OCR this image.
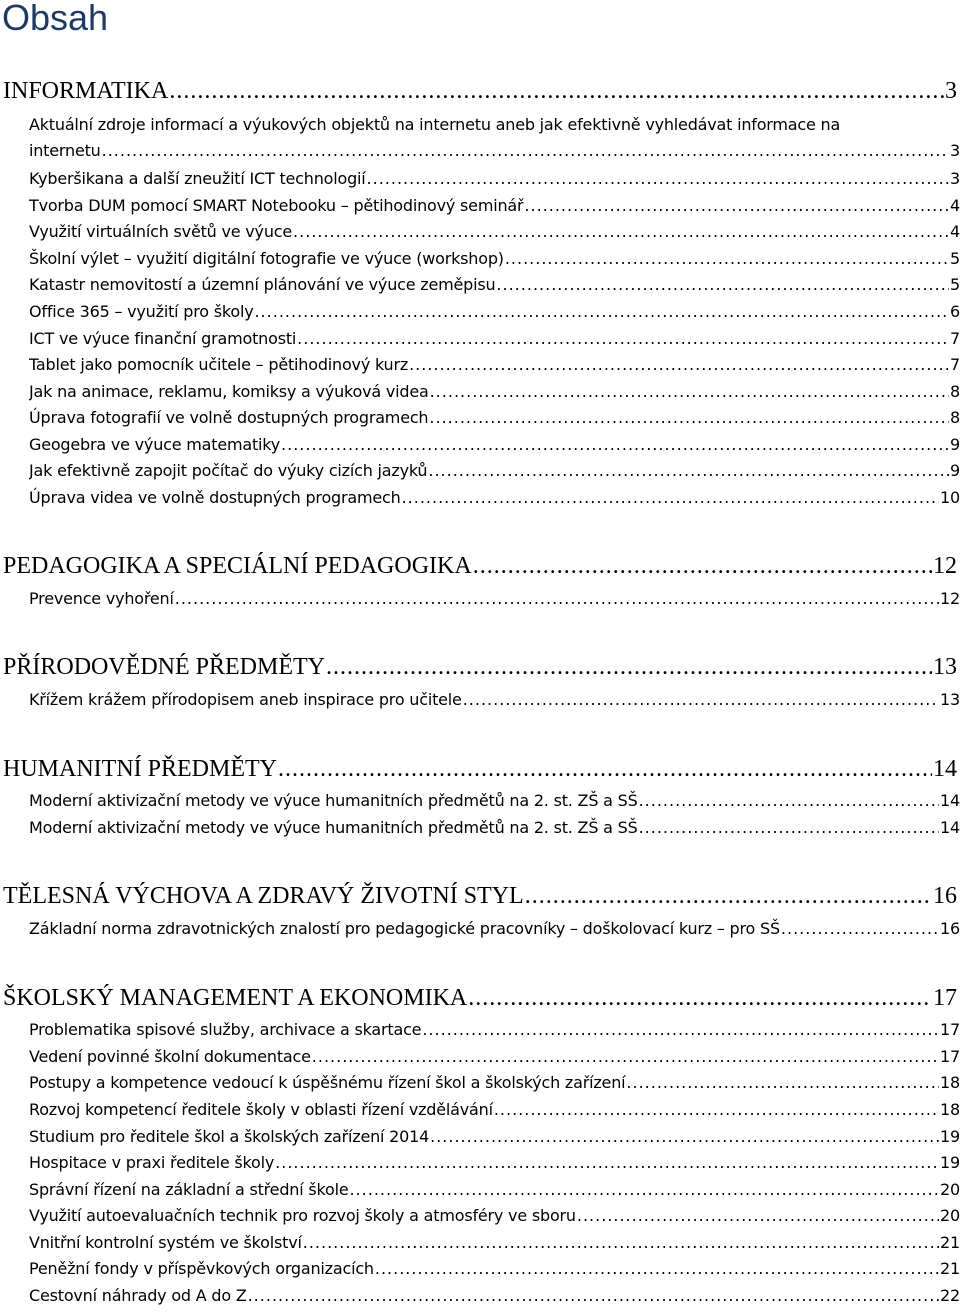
Obsah
INFORMATIKA .....	3
Aktuální zdroje informací a výukových objektů na internetu aneb jak efektivně vyhledávat informace na
internetu .....	3
Kyberšikana a další zneužití ICT technologií .....	3
Tvorba DUM pomocí SMART Notebooku – pětihodinový seminář .....	4
Využití virtuálních světů ve výuce .....	4
Školní výlet – využití digitální fotografie ve výuce (workshop) .....	5
Katastr nemovitostí a územní plánování ve výuce zeměpisu .....	5
Office 365 – využití pro školy .....	6
ICT ve výuce finanční gramotnosti .....	7
Tablet jako pomocník učitele – pětihodinový kurz .....	7
Jak na animace, reklamu, komiksy a výuková videa .....	8
Úprava fotografií ve volně dostupných programech .....	8
Geogebra ve výuce matematiky .....	9
Jak efektivně zapojit počítač do výuky cizích jazyků .....	9
Úprava videa ve volně dostupných programech .....	10
PEDAGOGIKA A SPECIÁLNÍ PEDAGOGIKA .....	12
Prevence vyhoření .....	12
PŘÍRODOVĚDNÉ PŘEDMĚTY .....	13
Křížem krážem přírodopisem aneb inspirace pro učitele .....	13
HUMANITNÍ PŘEDMĚTY .....	14
Moderní aktivizační metody ve výuce humanitních předmětů na 2. st. ZŠ a SŠ .....	14
Moderní aktivizační metody ve výuce humanitních předmětů na 2. st. ZŠ a SŠ .....	14
TĚLESNÁ VÝCHOVA A ZDRAVÝ ŽIVOTNÍ STYL .....	16
Základní norma zdravotnických znalostí pro pedagogické pracovníky – doškolovací kurz – pro SŠ .....	16
ŠKOLSKÝ MANAGEMENT A EKONOMIKA .....	17
Problematika spisové služby, archivace a skartace .....	17
Vedení povinné školní dokumentace .....	17
Postupy a kompetence vedoucí k úspěšnému řízení škol a školských zařízení .....	18
Rozvoj kompetencí ředitele školy v oblasti řízení vzdělávání .....	18
Studium pro ředitele škol a školských zařízení 2014 .....	19
Hospitace v praxi ředitele školy .....	19
Správní řízení na základní a střední škole .....	20
Využití autoevaluačních technik pro rozvoj školy a atmosféry ve sboru .....	20
Vnitřní kontrolní systém ve školství .....	21
Peněžní fondy v příspěvkových organizacích .....	21
Cestovní náhrady od A do Z .....	22
